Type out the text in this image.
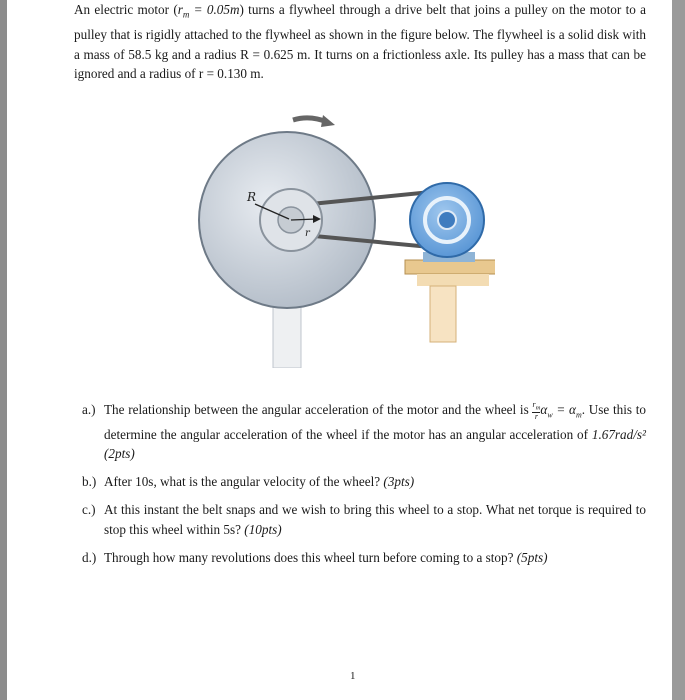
An electric motor $(r_m = 0.05m)$ turns a flywheel through a drive belt that joins a pulley on the motor to a pulley that is rigidly attached to the flywheel as shown in the figure below. The flywheel is a solid disk with a mass of 58.5 kg and a radius R = 0.625 m. It turns on a frictionless axle. Its pulley has a mass that can be ignored and a radius of r = 0.130 m.

R
r
a.) The relationship between the angular acceleration of the motor and the wheel is $\frac{r_m}{r} \alpha_w = \alpha_m$. Use this to determine the angular acceleration of the wheel if the motor has an angular acceleration of 1.67rad/s² (2pts)
b.) After 10s, what is the angular velocity of the wheel? (3pts)
c.) At this instant the belt snaps and we wish to bring this wheel to a stop. What net torque is required to stop this wheel within 5s? (10pts)
d.) Through how many revolutions does this wheel turn before coming to a stop? (5pts)
1
